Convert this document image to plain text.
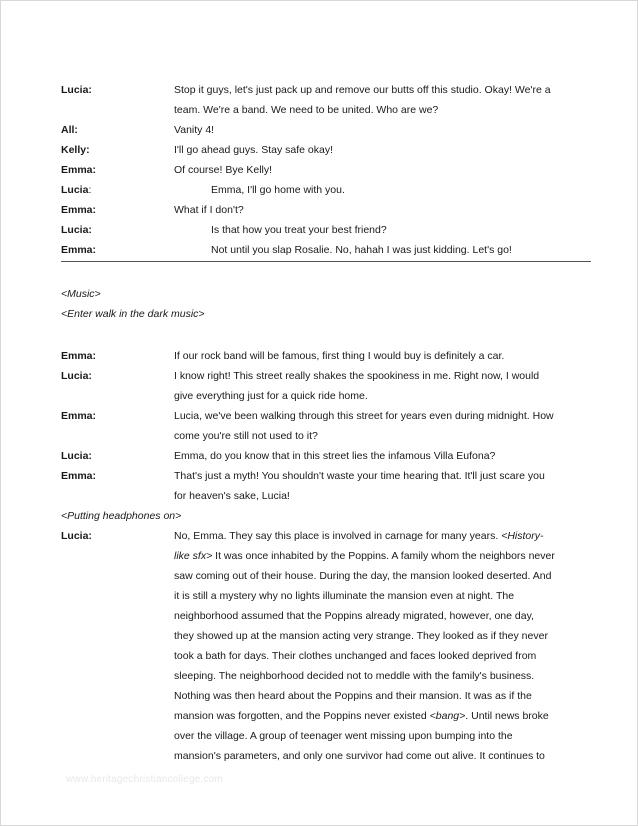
Lucia:	Stop it guys, let's just pack up and remove our butts off this studio. Okay! We're a
team. We're a band. We need to be united. Who are we?
All:	Vanity 4!
Kelly:	I'll go ahead guys. Stay safe okay!
Emma:	Of course! Bye Kelly!
Lucia:	Emma, I'll go home with you.
Emma:	What if I don't?
Lucia:	Is that how you treat your best friend?
Emma:	Not until you slap Rosalie. No, hahah I was just kidding. Let's go!
<Music>
<Enter walk in the dark music>
Emma:	If our rock band will be famous, first thing I would buy is definitely a car.
Lucia:	I know right! This street really shakes the spookiness in me. Right now, I would
give everything just for a quick ride home.
Emma:	Lucia, we've been walking through this street for years even during midnight. How
come you're still not used to it?
Lucia:	Emma, do you know that in this street lies the infamous Villa Eufona?
Emma:	That's just a myth! You shouldn't waste your time hearing that. It'll just scare you
for heaven's sake, Lucia!
<Putting headphones on>
Lucia:	No, Emma. They say this place is involved in carnage for many years. <History-
like sfx> It was once inhabited by the Poppins. A family whom the neighbors never
saw coming out of their house. During the day, the mansion looked deserted. And
it is still a mystery why no lights illuminate the mansion even at night. The
neighborhood assumed that the Poppins already migrated, however, one day,
they showed up at the mansion acting very strange. They looked as if they never
took a bath for days. Their clothes unchanged and faces looked deprived from
sleeping. The neighborhood decided not to meddle with the family's business.
Nothing was then heard about the Poppins and their mansion. It was as if the
mansion was forgotten, and the Poppins never existed <bang>. Until news broke
over the village. A group of teenager went missing upon bumping into the
mansion's parameters, and only one survivor had come out alive. It continues to
www.heritagechristiancollege.com
